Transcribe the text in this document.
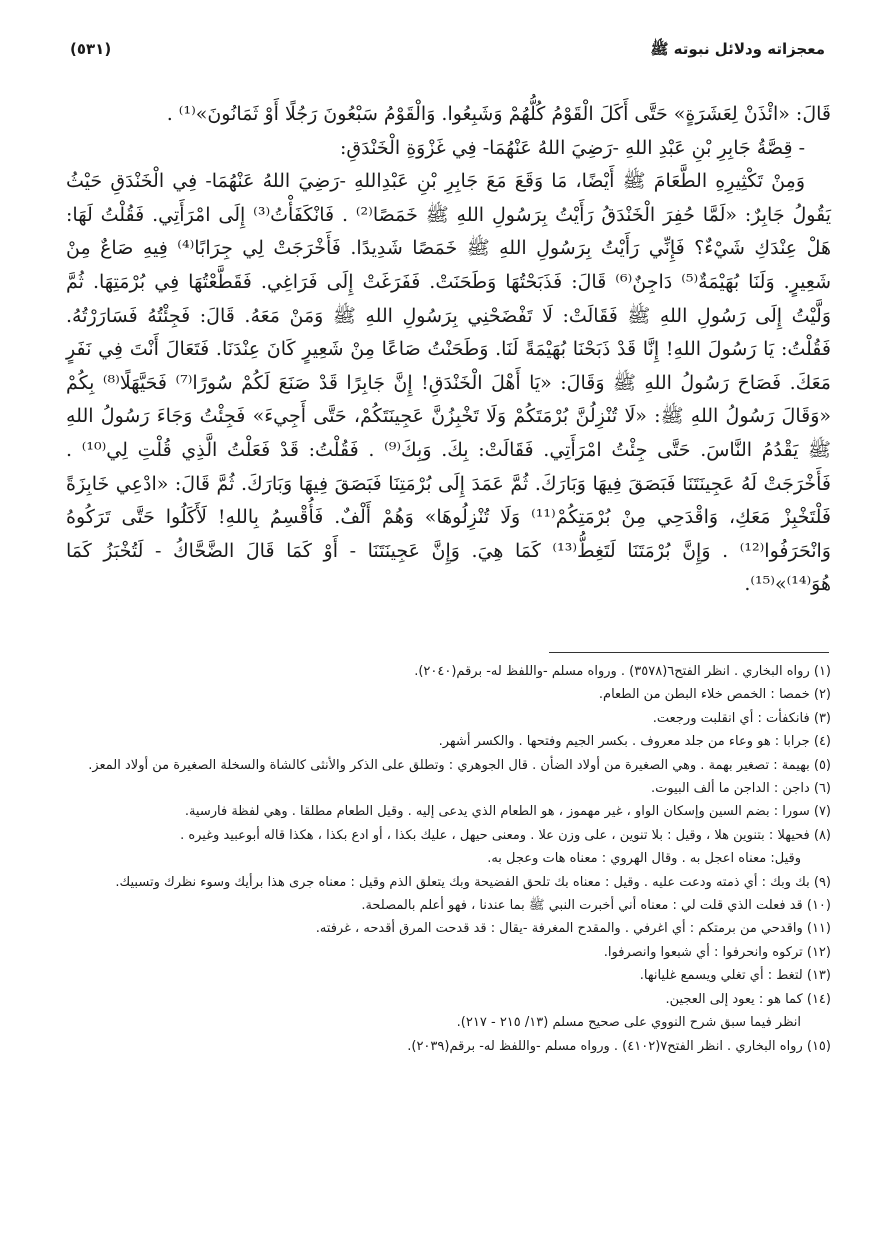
معجزاته ودلائل نبوته ﷺ
(٥٣١)

قَالَ: «ائْذَنْ لِعَشَرَةٍ» حَتَّى أَكَلَ الْقَوْمُ كُلُّهُمْ وَشَبِعُوا. وَالْقَوْمُ سَبْعُونَ رَجُلًا أَوْ ثَمَانُونَ»⁽¹⁾ .

- قِصَّةُ جَابِرِ بْنِ عَبْدِ اللهِ -رَضِيَ اللهُ عَنْهُمَا- فِي غَزْوَةِ الْخَنْدَقِ:

وَمِنْ تَكْثِيرِهِ الطَّعَامَ ﷺ أَيْضًا، مَا وَقَعَ مَعَ جَابِرِ بْنِ عَبْدِاللهِ -رَضِيَ اللهُ عَنْهُمَا- فِي الْخَنْدَقِ حَيْثُ يَقُولُ جَابِرٌ: «لَمَّا حُفِرَ الْخَنْدَقُ رَأَيْتُ بِرَسُولِ اللهِ ﷺ خَمَصًا⁽²⁾ . فَانْكَفَأْتُ⁽³⁾ إِلَى امْرَأَتِي. فَقُلْتُ لَهَا: هَلْ عِنْدَكِ شَيْءٌ؟ فَإِنِّي رَأَيْتُ بِرَسُولِ اللهِ ﷺ خَمَصًا شَدِيدًا. فَأَخْرَجَتْ لِي جِرَابًا⁽⁴⁾ فِيهِ صَاعٌ مِنْ شَعِيرٍ. وَلَنَا بُهَيْمَةٌ⁽⁵⁾ دَاجِنٌ⁽⁶⁾ قَالَ: فَذَبَحْتُهَا وَطَحَنَتْ. فَفَرَغَتْ إِلَى فَرَاغِي. فَقَطَّعْتُهَا فِي بُرْمَتِهَا. ثُمَّ وَلَّيْتُ إِلَى رَسُولِ اللهِ ﷺ فَقَالَتْ: لَا تَفْضَحْنِي بِرَسُولِ اللهِ ﷺ وَمَنْ مَعَهُ. قَالَ: فَجِئْتُهُ فَسَارَرْتُهُ. فَقُلْتُ: يَا رَسُولَ اللهِ! إِنَّا قَدْ ذَبَحْنَا بُهَيْمَةً لَنَا. وَطَحَنْتُ صَاعًا مِنْ شَعِيرٍ كَانَ عِنْدَنَا. فَتَعَالَ أَنْتَ فِي نَفَرٍ مَعَكَ. فَصَاحَ رَسُولُ اللهِ ﷺ وَقَالَ: «يَا أَهْلَ الْخَنْدَقِ! إِنَّ جَابِرًا قَدْ صَنَعَ لَكُمْ سُورًا⁽⁷⁾ فَحَيَّهَلًا⁽⁸⁾ بِكُمْ «وَقَالَ رَسُولُ اللهِ ﷺ: «لَا تُنْزِلُنَّ بُرْمَتَكُمْ وَلَا تَخْبِزُنَّ عَجِينَتَكُمْ، حَتَّى أَجِيءَ» فَجِئْتُ وَجَاءَ رَسُولُ اللهِ ﷺ يَقْدُمُ النَّاسَ. حَتَّى جِئْتُ امْرَأَتِي. فَقَالَتْ: بِكَ. وَبِكَ⁽⁹⁾ . فَقُلْتُ: قَدْ فَعَلْتُ الَّذِي قُلْتِ لِي⁽¹⁰⁾ . فَأَخْرَجَتْ لَهُ عَجِينَتَنَا فَبَصَقَ فِيهَا وَبَارَكَ. ثُمَّ عَمَدَ إِلَى بُرْمَتِنَا فَبَصَقَ فِيهَا وَبَارَكَ. ثُمَّ قَالَ: «ادْعِي خَابِزَةً فَلْتَخْبِزْ مَعَكِ، وَاقْدَحِي مِنْ بُرْمَتِكُمْ⁽¹¹⁾ وَلَا تُنْزِلُوهَا» وَهُمْ أَلْفٌ. فَأُقْسِمُ بِاللهِ! لَأَكَلُوا حَتَّى تَرَكُوهُ وَانْحَرَفُوا⁽¹²⁾ . وَإِنَّ بُرْمَتَنَا لَتَغِطُّ⁽¹³⁾ كَمَا هِيَ. وَإِنَّ عَجِينَتَنَا - أَوْ كَمَا قَالَ الضَّحَّاكُ - لَتُخْبَزُ كَمَا هُوَ⁽¹⁴⁾»⁽¹⁵⁾.

(١) رواه البخاري . انظر الفتح٦(٣٥٧٨) . ورواه مسلم -واللفظ له- برقم(٢٠٤٠).

(٢) خمصا : الخمص خلاء البطن من الطعام.

(٣) فانكفأت : أي انقلبت ورجعت.

(٤) جرابا : هو وعاء من جلد معروف . بكسر الجيم وفتحها . والكسر أشهر.

(٥) بهيمة : تصغير بهمة . وهي الصغيرة من أولاد الضأن . قال الجوهري : وتطلق على الذكر والأنثى كالشاة والسخلة الصغيرة من أولاد المعز.

(٦) داجن : الداجن ما ألف البيوت.

(٧) سورا : بضم السين وإسكان الواو ، غير مهموز ، هو الطعام الذي يدعى إليه . وقيل الطعام مطلقا . وهي لفظة فارسية.

(٨) فحيهلا : بتنوين هلا ، وقيل : بلا تنوين ، على وزن علا . ومعنى حيهل ، عليك بكذا ، أو ادع بكذا ، هكذا قاله أبوعبيد وغيره .

وقيل: معناه اعجل به . وقال الهروي : معناه هات وعجل به.

(٩) بك وبك : أي ذمته ودعت عليه . وقيل : معناه بك تلحق الفضيحة وبك يتعلق الذم وقيل : معناه جرى هذا برأيك وسوء نظرك وتسبيك.

(١٠) قد فعلت الذي قلت لي : معناه أني أخبرت النبي ﷺ بما عندنا ، فهو أعلم بالمصلحة.

(١١) واقدحي من برمتكم : أي اغرفي . والمقدح المغرفة -يقال : قد قدحت المرق أقدحه ، غرفته.

(١٢) تركوه وانحرفوا : أي شبعوا وانصرفوا.

(١٣) لتغط : أي تغلي ويسمع غليانها.

(١٤) كما هو : يعود إلى العجين.

انظر فيما سبق شرح النووي على صحيح مسلم (١٣/ ٢١٥ - ٢١٧).

(١٥) رواه البخاري . انظر الفتح٧(٤١٠٢) . ورواه مسلم -واللفظ له- برقم(٢٠٣٩).
